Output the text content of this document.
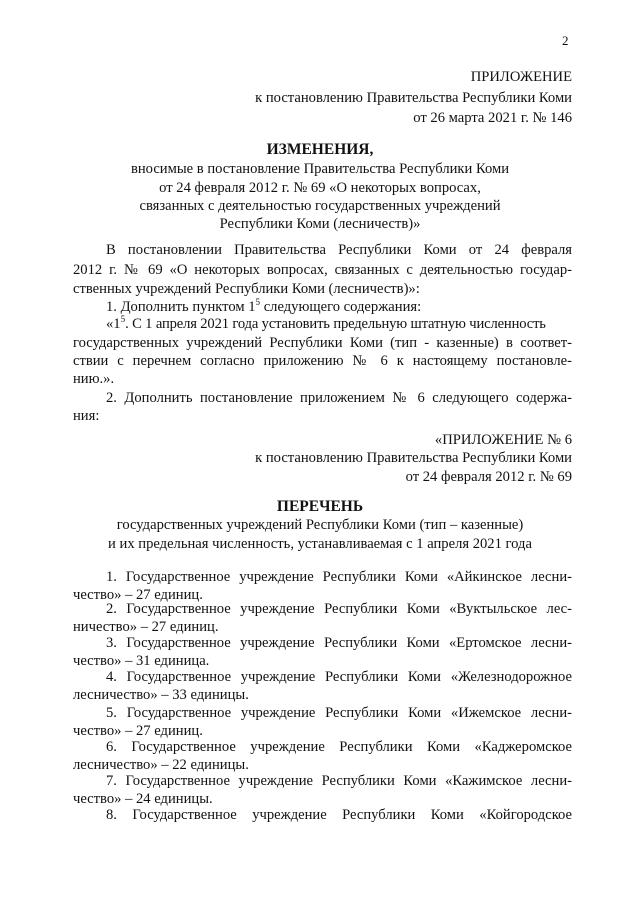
2
ПРИЛОЖЕНИЕ
к постановлению Правительства Республики Коми
от 26 марта 2021 г. № 146
ИЗМЕНЕНИЯ,
вносимые в постановление Правительства Республики Коми
от 24 февраля 2012 г. № 69 «О некоторых вопросах,
связанных с деятельностью государственных учреждений
Республики Коми (лесничеств)»
В постановлении Правительства Республики Коми от 24 февраля
2012 г. № 69 «О некоторых вопросах, связанных с деятельностью государ-
ственных учреждений Республики Коми (лесничеств)»:
1. Дополнить пунктом $1^5$ следующего содержания:
«$1^5$. С 1 апреля 2021 года установить предельную штатную численность
государственных учреждений Республики Коми (тип - казенные) в соответ-
ствии с перечнем согласно приложению № 6 к настоящему постановле-
нию.».
2. Дополнить постановление приложением № 6 следующего содержа-
ния:
«ПРИЛОЖЕНИЕ № 6
к постановлению Правительства Республики Коми
от 24 февраля 2012 г. № 69
ПЕРЕЧЕНЬ
государственных учреждений Республики Коми (тип – казенные)
и их предельная численность, устанавливаемая с 1 апреля 2021 года
1. Государственное учреждение Республики Коми «Айкинское лесни-
чество» – 27 единиц.
2. Государственное учреждение Республики Коми «Вуктыльское лес-
ничество» – 27 единиц.
3. Государственное учреждение Республики Коми «Ертомское лесни-
чество» – 31 единица.
4. Государственное учреждение Республики Коми «Железнодорожное
лесничество» – 33 единицы.
5. Государственное учреждение Республики Коми «Ижемское лесни-
чество» – 27 единиц.
6. Государственное учреждение Республики Коми «Каджеромское
лесничество» – 22 единицы.
7. Государственное учреждение Республики Коми «Кажимское лесни-
чество» – 24 единицы.
8. Государственное учреждение Республики Коми «Койгородское
